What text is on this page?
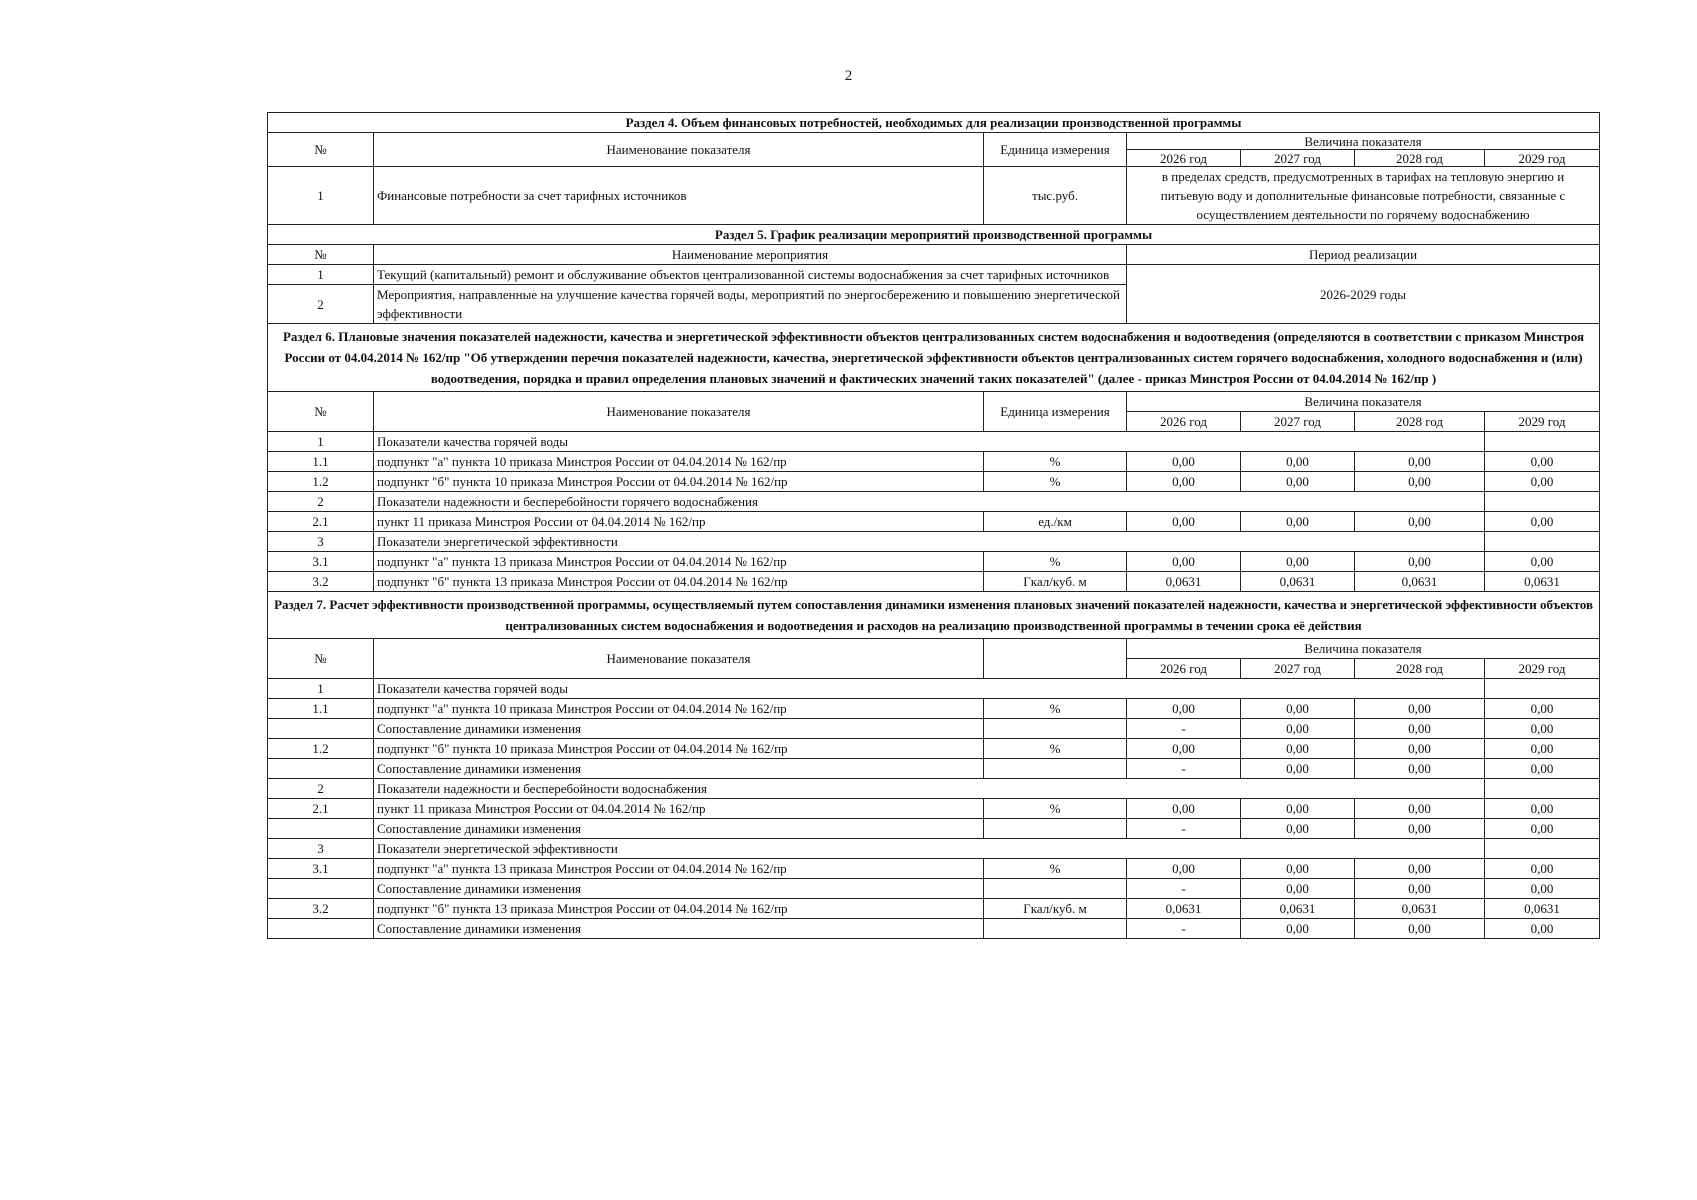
2
Раздел 4. Объем финансовых потребностей, необходимых для реализации производственной программы						
№	Наименование показателя	Единица измерения	Величина показателя			
			2026 год	2027 год	2028 год	2029 год
1	Финансовые потребности за счет тарифных источников	тыс.руб.	в пределах средств, предусмотренных в тарифах на тепловую энергию и питьевую воду и дополнительные финансовые потребности, связанные с осуществлением деятельности по горячему водоснабжению			
Раздел 5. График реализации мероприятий производственной программы						
№	Наименование мероприятия		Период реализации			
1	Текущий (капитальный) ремонт и обслуживание объектов централизованной системы водоснабжения за счет тарифных источников		2026-2029 годы			
2	Мероприятия, направленные на улучшение качества горячей воды, мероприятий по энергосбережению и повышению энергетической эффективности					
Раздел 6. Плановые значения показателей надежности, качества и энергетической эффективности объектов централизованных систем водоснабжения и водоотведения (определяются в соответствии с приказом Минстроя России от 04.04.2014 № 162/пр "Об утверждении перечня показателей надежности, качества, энергетической эффективности объектов централизованных систем горячего водоснабжения, холодного водоснабжения и (или) водоотведения, порядка и правил определения плановых значений и фактических значений таких показателей" (далее - приказ Минстроя России от 04.04.2014 № 162/пр )						
№	Наименование показателя	Единица измерения	Величина показателя			
			2026 год	2027 год	2028 год	2029 год
1	Показатели качества горячей воды					
1.1	подпункт "а" пункта 10 приказа Минстроя России от 04.04.2014 № 162/пр	%	0,00	0,00	0,00	0,00
1.2	подпункт "б" пункта 10 приказа Минстроя России от 04.04.2014 № 162/пр	%	0,00	0,00	0,00	0,00
2	Показатели надежности и бесперебойности горячего водоснабжения					
2.1	пункт 11 приказа Минстроя России от 04.04.2014 № 162/пр	ед./км	0,00	0,00	0,00	0,00
3	Показатели энергетической эффективности					
3.1	подпункт "а" пункта 13 приказа Минстроя России от 04.04.2014 № 162/пр	%	0,00	0,00	0,00	0,00
3.2	подпункт "б" пункта 13 приказа Минстроя России от 04.04.2014 № 162/пр	Гкал/куб. м	0,0631	0,0631	0,0631	0,0631
Раздел 7. Расчет эффективности производственной программы, осуществляемый путем сопоставления динамики изменения плановых значений показателей надежности, качества и энергетической эффективности объектов централизованных систем водоснабжения и водоотведения и расходов на реализацию производственной программы в течении срока её действия						
№	Наименование показателя		Величина показателя			
			2026 год	2027 год	2028 год	2029 год
1	Показатели качества горячей воды					
1.1	подпункт "а" пункта 10 приказа Минстроя России от 04.04.2014 № 162/пр	%	0,00	0,00	0,00	0,00
	Сопоставление динамики изменения		-	0,00	0,00	0,00
1.2	подпункт "б" пункта 10 приказа Минстроя России от 04.04.2014 № 162/пр	%	0,00	0,00	0,00	0,00
	Сопоставление динамики изменения		-	0,00	0,00	0,00
2	Показатели надежности и бесперебойности водоснабжения					
2.1	пункт 11 приказа Минстроя России от 04.04.2014 № 162/пр	%	0,00	0,00	0,00	0,00
	Сопоставление динамики изменения		-	0,00	0,00	0,00
3	Показатели энергетической эффективности					
3.1	подпункт "а" пункта 13 приказа Минстроя России от 04.04.2014 № 162/пр	%	0,00	0,00	0,00	0,00
	Сопоставление динамики изменения		-	0,00	0,00	0,00
3.2	подпункт "б" пункта 13 приказа Минстроя России от 04.04.2014 № 162/пр	Гкал/куб. м	0,0631	0,0631	0,0631	0,0631
	Сопоставление динамики изменения		-	0,00	0,00	0,00
